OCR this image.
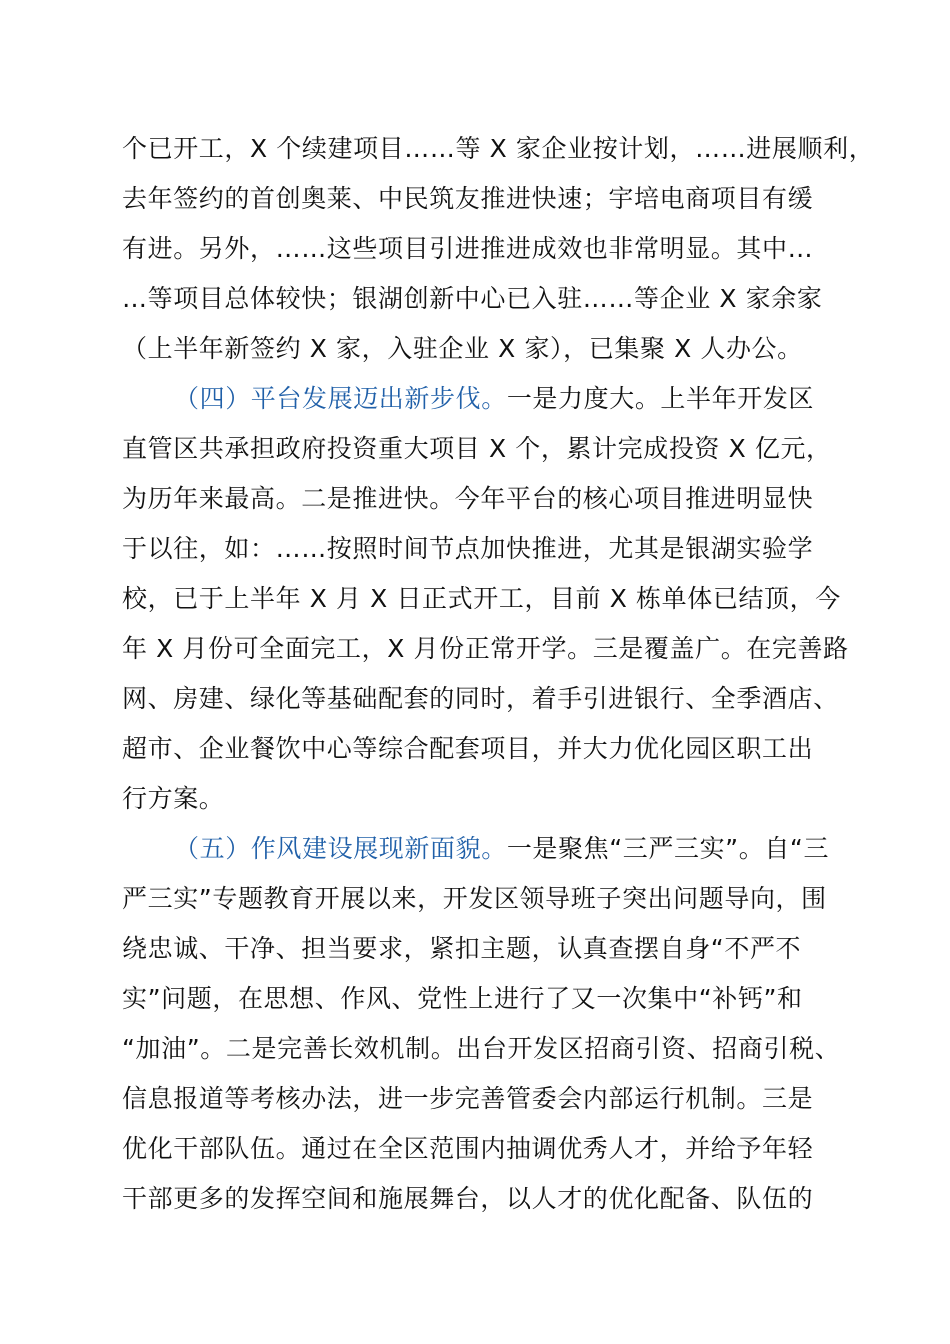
个已开工，X 个续建项目……等 X 家企业按计划，……进展顺利，
去年签约的首创奥莱、中民筑友推进快速；宇培电商项目有缓
有进。另外，……这些项目引进推进成效也非常明显。其中…
…等项目总体较快；银湖创新中心已入驻……等企业 X 家余家
（上半年新签约 X 家，入驻企业 X 家），已集聚 X 人办公。
（四）平台发展迈出新步伐。一是力度大。上半年开发区
直管区共承担政府投资重大项目 X 个，累计完成投资 X 亿元，
为历年来最高。二是推进快。今年平台的核心项目推进明显快
于以往，如：……按照时间节点加快推进，尤其是银湖实验学
校，已于上半年 X 月 X 日正式开工，目前 X 栋单体已结顶，今
年 X 月份可全面完工，X 月份正常开学。三是覆盖广。在完善路
网、房建、绿化等基础配套的同时，着手引进银行、全季酒店、
超市、企业餐饮中心等综合配套项目，并大力优化园区职工出
行方案。
（五）作风建设展现新面貌。一是聚焦“三严三实”。自“三
严三实”专题教育开展以来，开发区领导班子突出问题导向，围
绕忠诚、干净、担当要求，紧扣主题，认真查摆自身“不严不
实”问题，在思想、作风、党性上进行了又一次集中“补钙”和
“加油”。二是完善长效机制。出台开发区招商引资、招商引税、
信息报道等考核办法，进一步完善管委会内部运行机制。三是
优化干部队伍。通过在全区范围内抽调优秀人才，并给予年轻
干部更多的发挥空间和施展舞台，以人才的优化配备、队伍的
